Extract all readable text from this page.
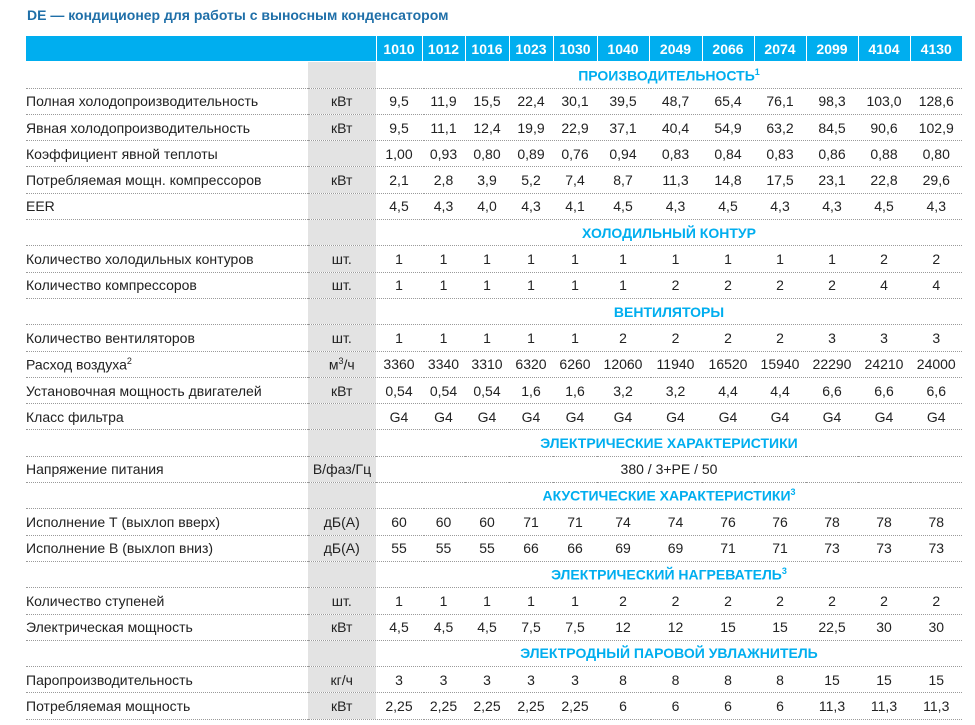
DE — кондиционер для работы с выносным конденсатором
		1010	1012	1016	1023	1030	1040	2049	2066	2074	2099	4104	4130
		ПРОИЗВОДИТЕЛЬНОСТЬ$^1$
Полная холодопроизводительность	кВт	9,5	11,9	15,5	22,4	30,1	39,5	48,7	65,4	76,1	98,3	103,0	128,6
Явная холодопроизводительность	кВт	9,5	11,1	12,4	19,9	22,9	37,1	40,4	54,9	63,2	84,5	90,6	102,9
Коэффициент явной теплоты		1,00	0,93	0,80	0,89	0,76	0,94	0,83	0,84	0,83	0,86	0,88	0,80
Потребляемая мощн. компрессоров	кВт	2,1	2,8	3,9	5,2	7,4	8,7	11,3	14,8	17,5	23,1	22,8	29,6
EER		4,5	4,3	4,0	4,3	4,1	4,5	4,3	4,5	4,3	4,3	4,5	4,3
		ХОЛОДИЛЬНЫЙ КОНТУР											
Количество холодильных контуров	шт.	1	1	1	1	1	1	1	1	1	1	2	2
Количество компрессоров	шт.	1	1	1	1	1	1	2	2	2	2	4	4
		ВЕНТИЛЯТОРЫ											
Количество вентиляторов	шт.	1	1	1	1	1	2	2	2	2	3	3	3
Расход воздуха$^2$	$м^3/ч$	3360	3340	3310	6320	6260	12060	11940	16520	15940	22290	24210	24000
Установочная мощность двигателей	кВт	0,54	0,54	0,54	1,6	1,6	3,2	3,2	4,4	4,4	6,6	6,6	6,6
Класс фильтра		G4	G4	G4	G4	G4	G4	G4	G4	G4	G4	G4	G4
		ЭЛЕКТРИЧЕСКИЕ ХАРАКТЕРИСТИКИ											
Напряжение питания	В/фаз/Гц	380 / 3+PE / 50											
		АКУСТИЧЕСКИЕ ХАРАКТЕРИСТИКИ$^3$
Исполнение Т (выхлоп вверх)	дБ(А)	60	60	60	71	71	74	74	76	76	78	78	78
Исполнение В (выхлоп вниз)	дБ(А)	55	55	55	66	66	69	69	71	71	73	73	73
		ЭЛЕКТРИЧЕСКИЙ НАГРЕВАТЕЛЬ$^3$
Количество ступеней	шт.	1	1	1	1	1	2	2	2	2	2	2	2
Электрическая мощность	кВт	4,5	4,5	4,5	7,5	7,5	12	12	15	15	22,5	30	30
		ЭЛЕКТРОДНЫЙ ПАРОВОЙ УВЛАЖНИТЕЛЬ											
Паропроизводительность	кг/ч	3	3	3	3	3	8	8	8	8	15	15	15
Потребляемая мощность	кВт	2,25	2,25	2,25	2,25	2,25	6	6	6	6	11,3	11,3	11,3
